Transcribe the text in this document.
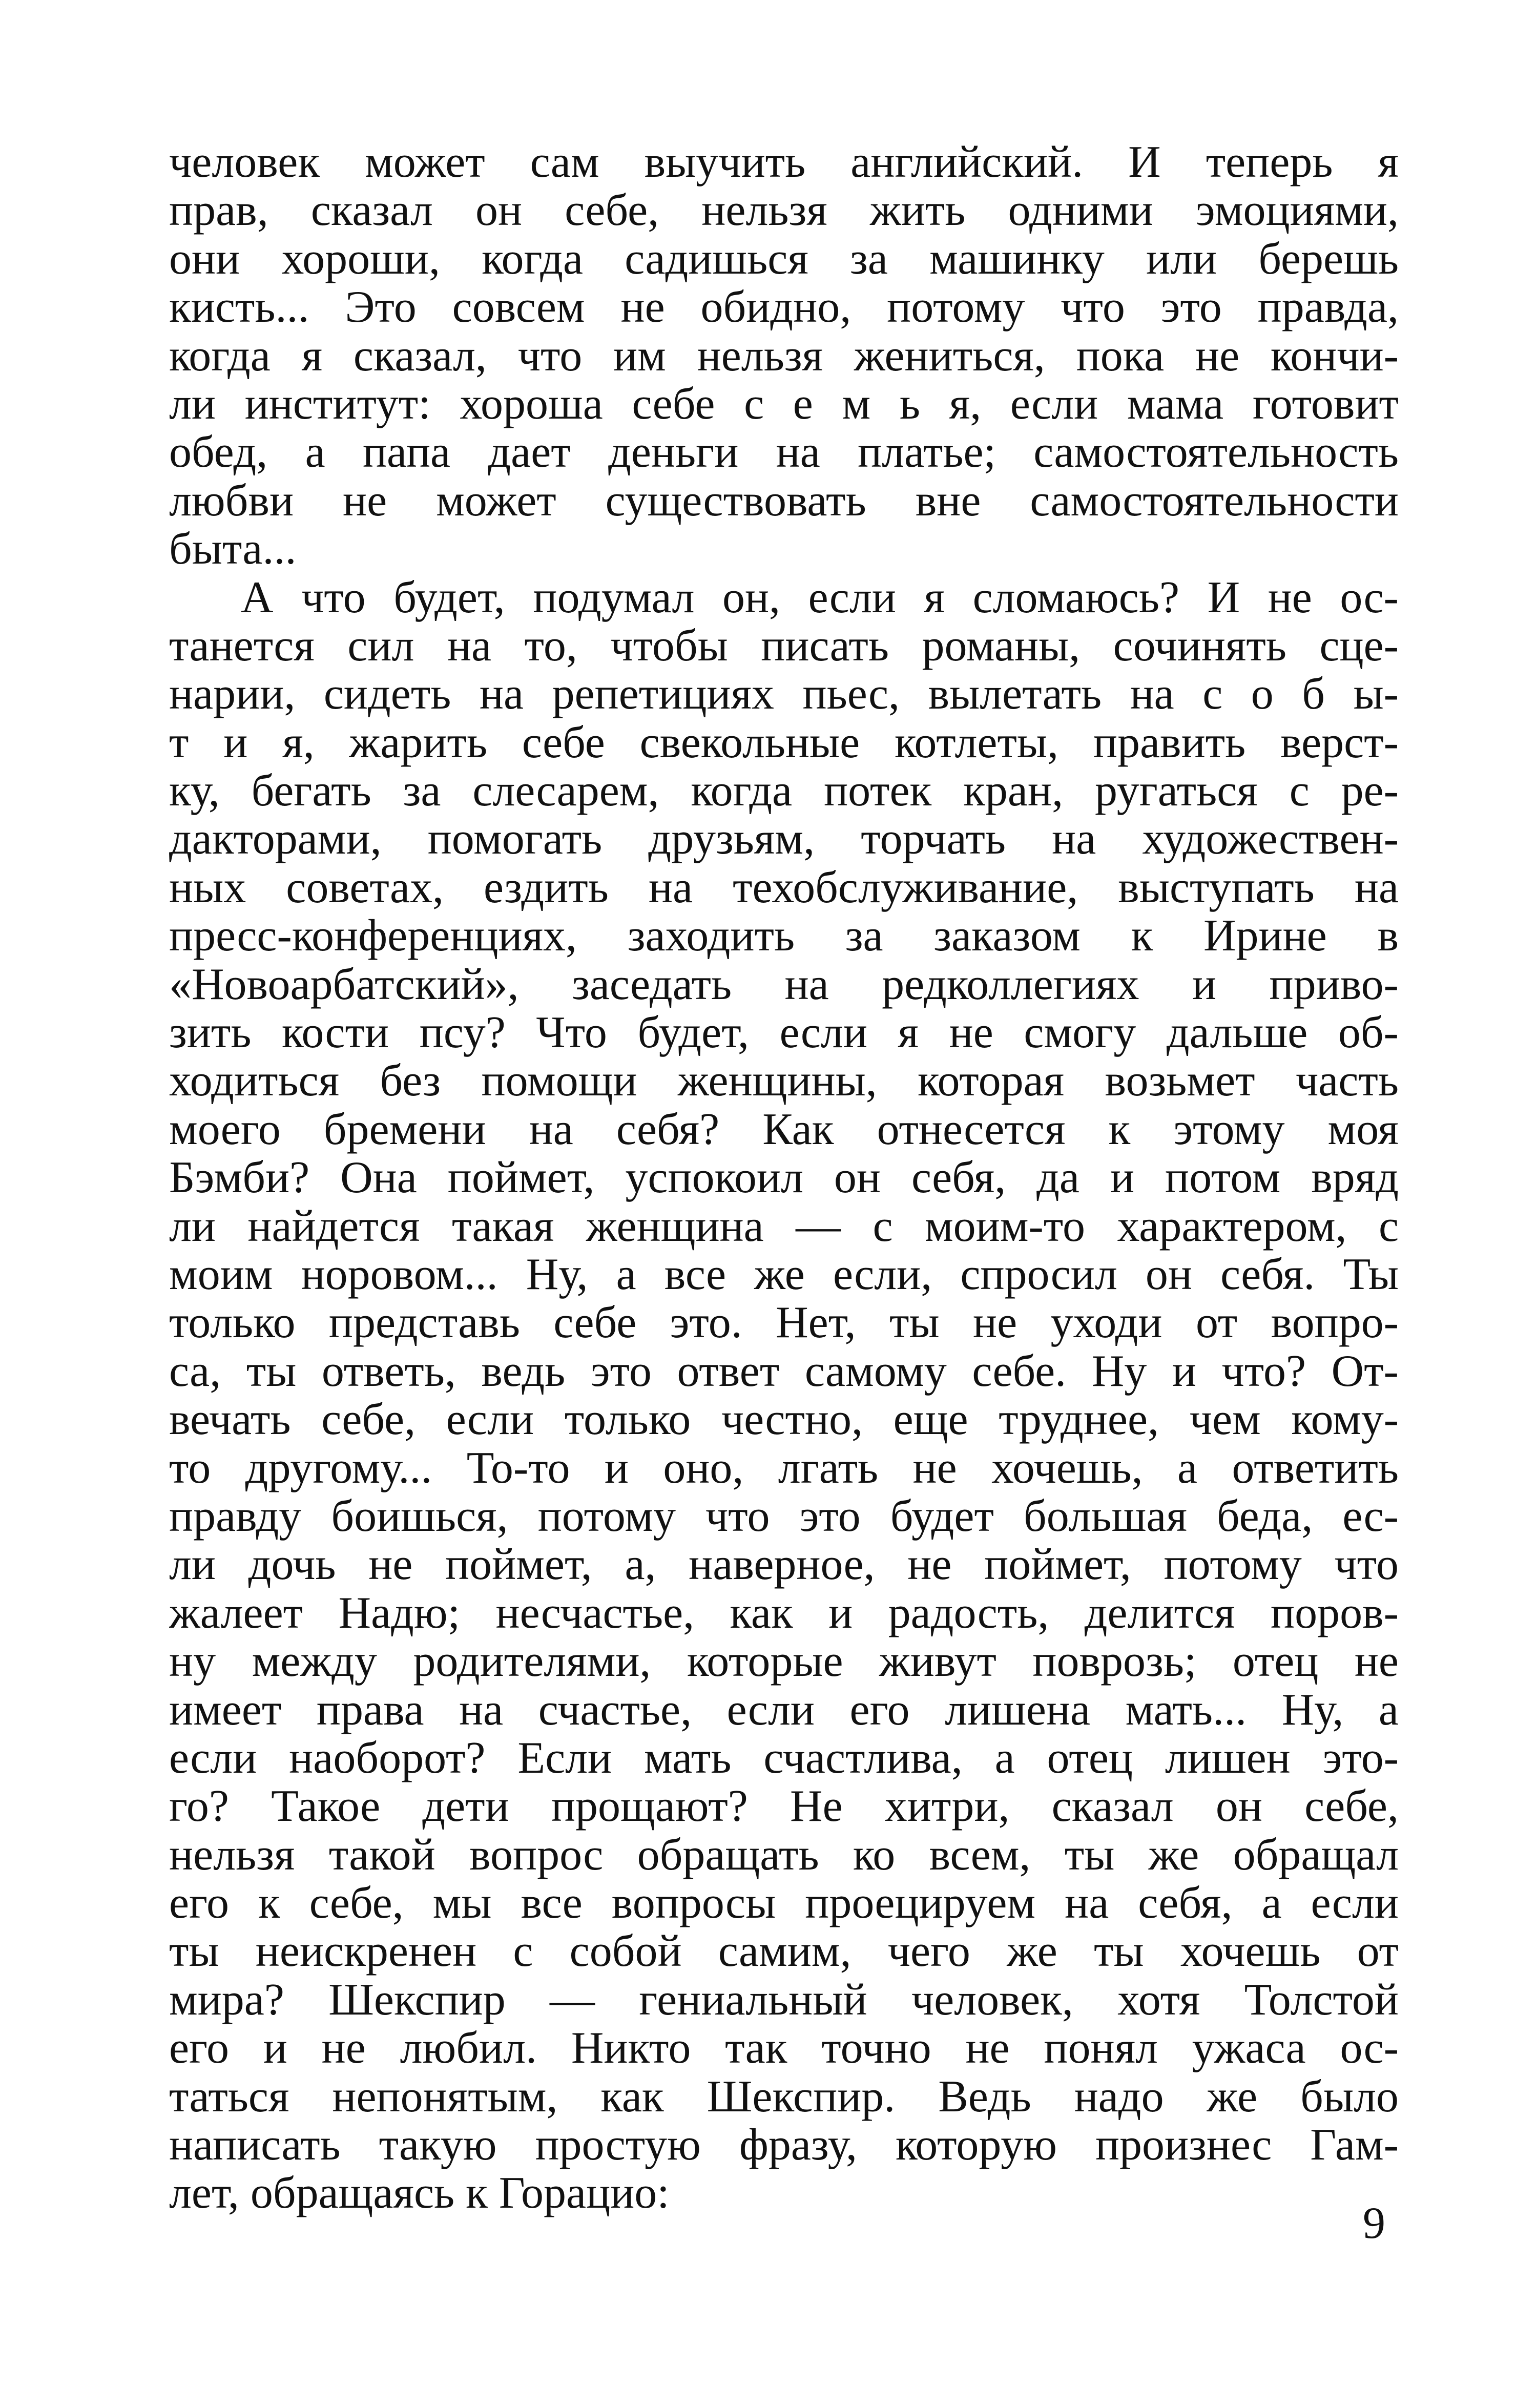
человек может сам выучить английский. И теперь я
прав, сказал он себе, нельзя жить одними эмоциями,
они хороши, когда садишься за машинку или берешь
кисть... Это совсем не обидно, потому что это правда,
когда я сказал, что им нельзя жениться, пока не кончи-
ли институт: хороша себе с е м ь я, если мама готовит
обед, а папа дает деньги на платье; самостоятельность
любви не может существовать вне самостоятельности
быта...
А что будет, подумал он, если я сломаюсь? И не ос-
танется сил на то, чтобы писать романы, сочинять сце-
нарии, сидеть на репетициях пьес, вылетать на с о б ы-
т и я, жарить себе свекольные котлеты, править верст-
ку, бегать за слесарем, когда потек кран, ругаться с ре-
дакторами, помогать друзьям, торчать на художествен-
ных советах, ездить на техобслуживание, выступать на
пресс-конференциях, заходить за заказом к Ирине в
«Новоарбатский», заседать на редколлегиях и приво-
зить кости псу? Что будет, если я не смогу дальше об-
ходиться без помощи женщины, которая возьмет часть
моего бремени на себя? Как отнесется к этому моя
Бэмби? Она поймет, успокоил он себя, да и потом вряд
ли найдется такая женщина — с моим-то характером, с
моим норовом... Ну, а все же если, спросил он себя. Ты
только представь себе это. Нет, ты не уходи от вопро-
са, ты ответь, ведь это ответ самому себе. Ну и что? От-
вечать себе, если только честно, еще труднее, чем кому-
то другому... То-то и оно, лгать не хочешь, а ответить
правду боишься, потому что это будет большая беда, ес-
ли дочь не поймет, а, наверное, не поймет, потому что
жалеет Надю; несчастье, как и радость, делится поров-
ну между родителями, которые живут поврозь; отец не
имеет права на счастье, если его лишена мать... Ну, а
если наоборот? Если мать счастлива, а отец лишен это-
го? Такое дети прощают? Не хитри, сказал он себе,
нельзя такой вопрос обращать ко всем, ты же обращал
его к себе, мы все вопросы проецируем на себя, а если
ты неискренен с собой самим, чего же ты хочешь от
мира? Шекспир — гениальный человек, хотя Толстой
его и не любил. Никто так точно не понял ужаса ос-
таться непонятым, как Шекспир. Ведь надо же было
написать такую простую фразу, которую произнес Гам-
лет, обращаясь к Горацио:
9
